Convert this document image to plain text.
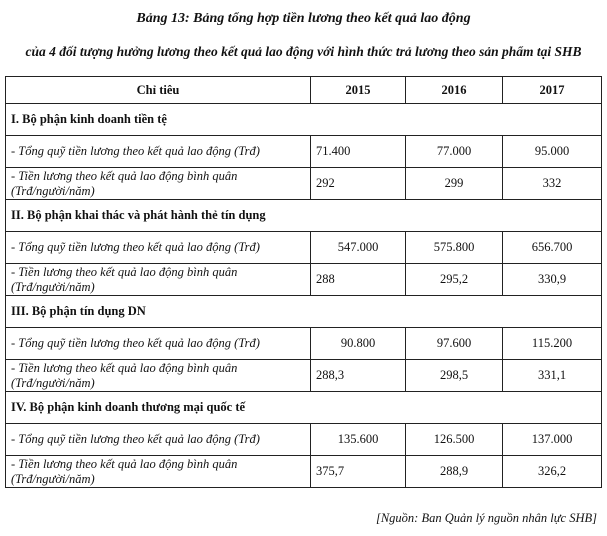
Bảng 13: Bảng tổng hợp tiền lương theo kết quả lao động
của 4 đối tượng hưởng lương theo kết quả lao động với hình thức trả lương theo sản phẩm tại SHB
Chỉ tiêu	2015	2016	2017
I. Bộ phận kinh doanh tiền tệ			
- Tổng quỹ tiền lương theo kết quả lao động (Trđ)	71.400	77.000	95.000
- Tiền lương theo kết quả lao động bình quân (Trđ/người/năm)	292	299	332
II. Bộ phận khai thác và phát hành thẻ tín dụng			
- Tổng quỹ tiền lương theo kết quả lao động (Trđ)	547.000	575.800	656.700
- Tiền lương theo kết quả lao động bình quân (Trđ/người/năm)	288	295,2	330,9
III. Bộ phận tín dụng DN			
- Tổng quỹ tiền lương theo kết quả lao động (Trđ)	90.800	97.600	115.200
- Tiền lương theo kết quả lao động bình quân (Trđ/người/năm)	288,3	298,5	331,1
IV. Bộ phận kinh doanh thương mại quốc tế			
- Tổng quỹ tiền lương theo kết quả lao động (Trđ)	135.600	126.500	137.000
- Tiền lương theo kết quả lao động bình quân (Trđ/người/năm)	375,7	288,9	326,2
[Nguồn: Ban Quản lý nguồn nhân lực SHB]
